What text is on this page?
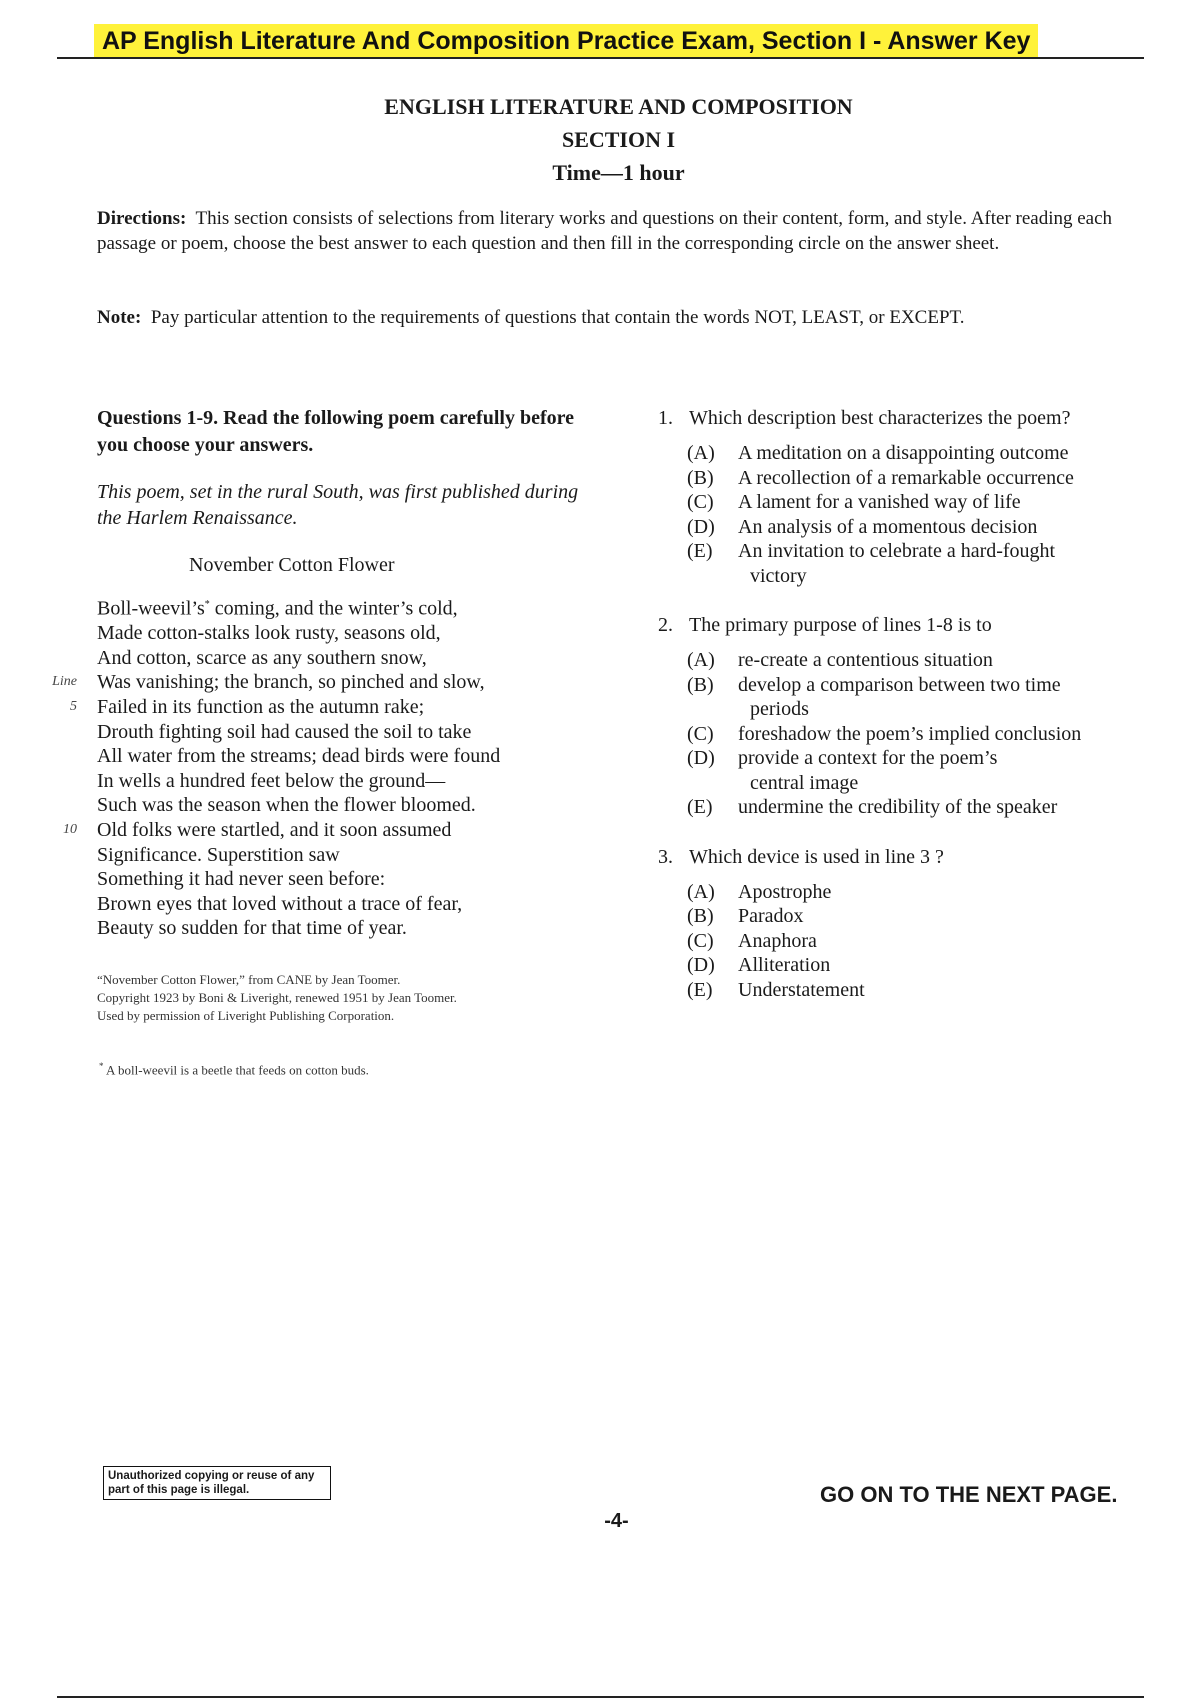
AP English Literature And Composition Practice Exam, Section I - Answer Key
ENGLISH LITERATURE AND COMPOSITION
SECTION I
Time—1 hour
Directions: This section consists of selections from literary works and questions on their content, form, and style. After reading each passage or poem, choose the best answer to each question and then fill in the corresponding circle on the answer sheet.
Note: Pay particular attention to the requirements of questions that contain the words NOT, LEAST, or EXCEPT.
Questions 1-9. Read the following poem carefully before you choose your answers.
This poem, set in the rural South, was first published during the Harlem Renaissance.
November Cotton Flower
Boll-weevil’s* coming, and the winter’s cold,
Made cotton-stalks look rusty, seasons old,
And cotton, scarce as any southern snow,
Line Was vanishing; the branch, so pinched and slow,
5 Failed in its function as the autumn rake;
Drouth fighting soil had caused the soil to take
All water from the streams; dead birds were found
In wells a hundred feet below the ground—
Such was the season when the flower bloomed.
10 Old folks were startled, and it soon assumed
Significance. Superstition saw
Something it had never seen before:
Brown eyes that loved without a trace of fear,
Beauty so sudden for that time of year.
“November Cotton Flower,” from CANE by Jean Toomer.
Copyright 1923 by Boni & Liveright, renewed 1951 by Jean Toomer.
Used by permission of Liveright Publishing Corporation.
* A boll-weevil is a beetle that feeds on cotton buds.
1. Which description best characterizes the poem?
(A) A meditation on a disappointing outcome
(B) A recollection of a remarkable occurrence
(C) A lament for a vanished way of life
(D) An analysis of a momentous decision
(E) An invitation to celebrate a hard-fought
victory
2. The primary purpose of lines 1-8 is to
(A) re-create a contentious situation
(B) develop a comparison between two time
periods
(C) foreshadow the poem’s implied conclusion
(D) provide a context for the poem’s
central image
(E) undermine the credibility of the speaker
3. Which device is used in line 3 ?
(A) Apostrophe
(B) Paradox
(C) Anaphora
(D) Alliteration
(E) Understatement
Unauthorized copying or reuse of any part of this page is illegal.	GO ON TO THE NEXT PAGE.
-4-
